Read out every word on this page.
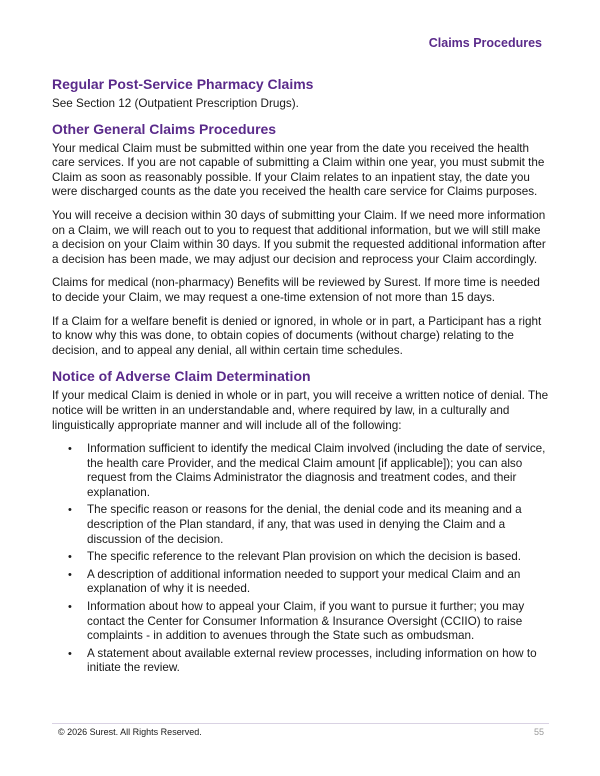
Claims Procedures
Regular Post-Service Pharmacy Claims

See Section 12 (Outpatient Prescription Drugs).

Other General Claims Procedures

Your medical Claim must be submitted within one year from the date you received the health care services. If you are not capable of submitting a Claim within one year, you must submit the Claim as soon as reasonably possible. If your Claim relates to an inpatient stay, the date you were discharged counts as the date you received the health care service for Claims purposes.

You will receive a decision within 30 days of submitting your Claim. If we need more information on a Claim, we will reach out to you to request that additional information, but we will still make a decision on your Claim within 30 days. If you submit the requested additional information after a decision has been made, we may adjust our decision and reprocess your Claim accordingly.

Claims for medical (non-pharmacy) Benefits will be reviewed by Surest. If more time is needed to decide your Claim, we may request a one-time extension of not more than 15 days.

If a Claim for a welfare benefit is denied or ignored, in whole or in part, a Participant has a right to know why this was done, to obtain copies of documents (without charge) relating to the decision, and to appeal any denial, all within certain time schedules.

Notice of Adverse Claim Determination

If your medical Claim is denied in whole or in part, you will receive a written notice of denial. The notice will be written in an understandable and, where required by law, in a culturally and linguistically appropriate manner and will include all of the following:

• Information sufficient to identify the medical Claim involved (including the date of service, the health care Provider, and the medical Claim amount [if applicable]); you can also request from the Claims Administrator the diagnosis and treatment codes, and their explanation.
• The specific reason or reasons for the denial, the denial code and its meaning and a description of the Plan standard, if any, that was used in denying the Claim and a discussion of the decision.
• The specific reference to the relevant Plan provision on which the decision is based.
• A description of additional information needed to support your medical Claim and an explanation of why it is needed.
• Information about how to appeal your Claim, if you want to pursue it further; you may contact the Center for Consumer Information & Insurance Oversight (CCIIO) to raise complaints - in addition to avenues through the State such as ombudsman.
• A statement about available external review processes, including information on how to initiate the review.
© 2026 Surest. All Rights Reserved.	55
